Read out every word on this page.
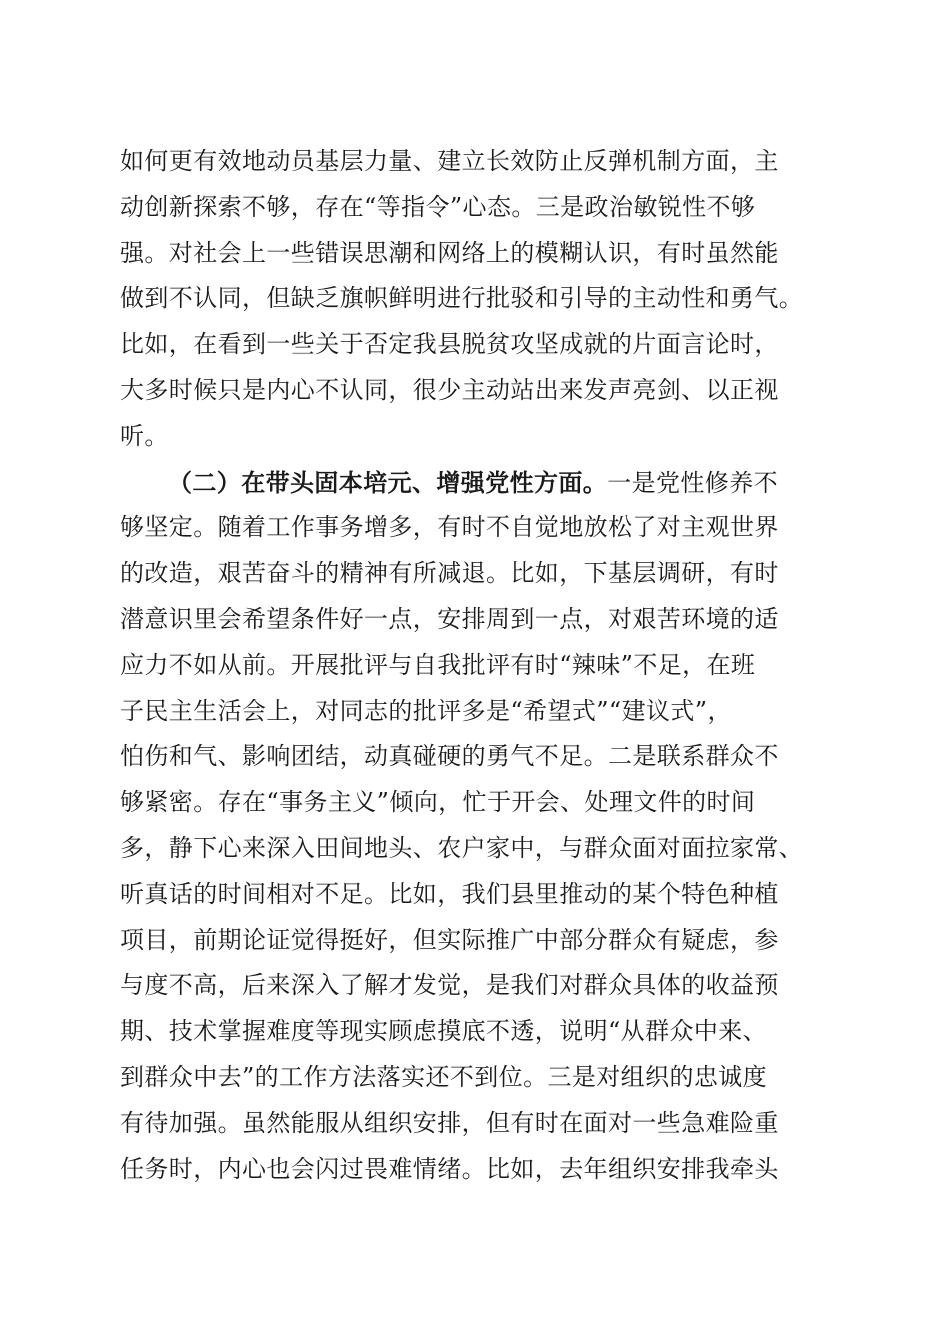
如何更有效地动员基层力量、建立长效防止反弹机制方面，主
动创新探索不够，存在“等指令”心态。三是政治敏锐性不够
强。对社会上一些错误思潮和网络上的模糊认识，有时虽然能
做到不认同，但缺乏旗帜鲜明进行批驳和引导的主动性和勇气。
比如，在看到一些关于否定我县脱贫攻坚成就的片面言论时，
大多时候只是内心不认同，很少主动站出来发声亮剑、以正视
听。
（二）在带头固本培元、增强党性方面。一是党性修养不
够坚定。随着工作事务增多，有时不自觉地放松了对主观世界
的改造，艰苦奋斗的精神有所减退。比如，下基层调研，有时
潜意识里会希望条件好一点，安排周到一点，对艰苦环境的适
应力不如从前。开展批评与自我批评有时“辣味”不足，在班
子民主生活会上，对同志的批评多是“希望式”“建议式”，
怕伤和气、影响团结，动真碰硬的勇气不足。二是联系群众不
够紧密。存在“事务主义”倾向，忙于开会、处理文件的时间
多，静下心来深入田间地头、农户家中，与群众面对面拉家常、
听真话的时间相对不足。比如，我们县里推动的某个特色种植
项目，前期论证觉得挺好，但实际推广中部分群众有疑虑，参
与度不高，后来深入了解才发觉，是我们对群众具体的收益预
期、技术掌握难度等现实顾虑摸底不透，说明“从群众中来、
到群众中去”的工作方法落实还不到位。三是对组织的忠诚度
有待加强。虽然能服从组织安排，但有时在面对一些急难险重
任务时，内心也会闪过畏难情绪。比如，去年组织安排我牵头
